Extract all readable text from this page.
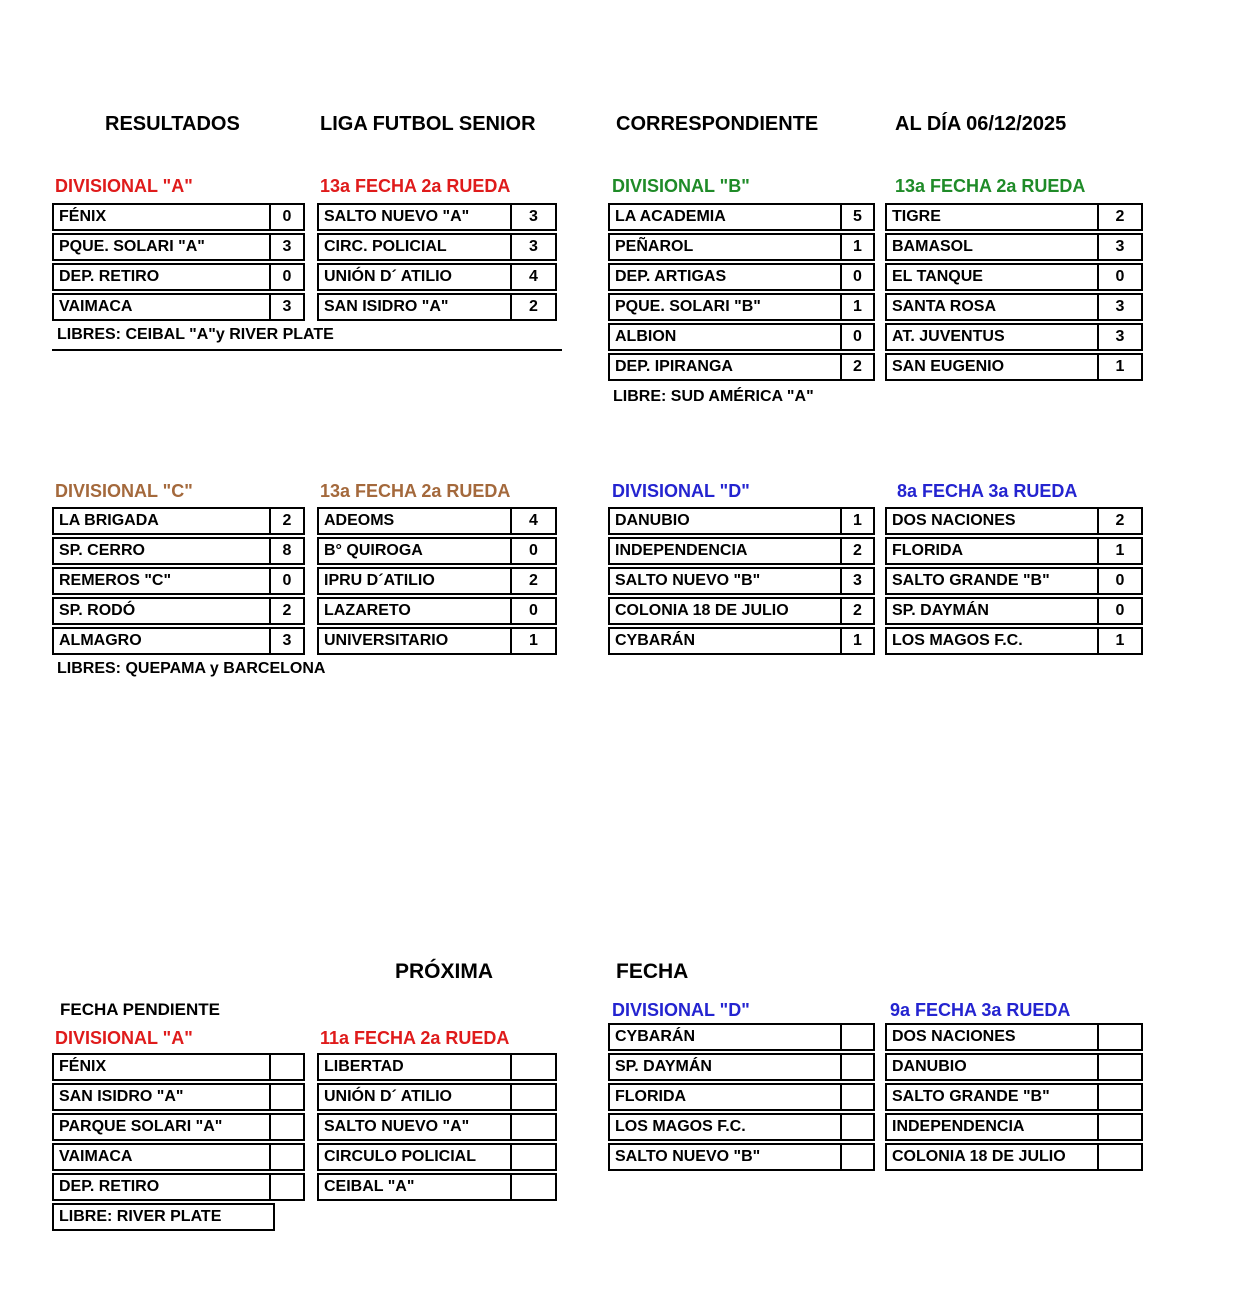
RESULTADOS	LIGA FUTBOL SENIOR	CORRESPONDIENTE	AL DÍA 06/12/2025
DIVISIONAL "A"	13a FECHA 2a RUEDA
FÉNIX	0	SALTO NUEVO "A"	3
PQUE. SOLARI "A"	3	CIRC. POLICIAL	3
DEP. RETIRO	0	UNIÓN D´ ATILIO	4
VAIMACA	3	SAN ISIDRO "A"	2
LIBRES: CEIBAL "A"y RIVER PLATE
DIVISIONAL "B"	13a FECHA 2a RUEDA
LA ACADEMIA	5	TIGRE	2
PEÑAROL	1	BAMASOL	3
DEP. ARTIGAS	0	EL TANQUE	0
PQUE. SOLARI "B"	1	SANTA ROSA	3
ALBION	0	AT. JUVENTUS	3
DEP. IPIRANGA	2	SAN EUGENIO	1
LIBRE: SUD AMÉRICA "A"
DIVISIONAL "C"	13a FECHA 2a RUEDA
LA BRIGADA	2	ADEOMS	4
SP. CERRO	8	B° QUIROGA	0
REMEROS "C"	0	IPRU D´ATILIO	2
SP. RODÓ	2	LAZARETO	0
ALMAGRO	3	UNIVERSITARIO	1
LIBRES: QUEPAMA y BARCELONA
DIVISIONAL "D"	8a FECHA 3a RUEDA
DANUBIO	1	DOS NACIONES	2
INDEPENDENCIA	2	FLORIDA	1
SALTO NUEVO "B"	3	SALTO GRANDE "B"	0
COLONIA 18 DE JULIO	2	SP. DAYMÁN	0
CYBARÁN	1	LOS MAGOS F.C.	1
PRÓXIMA	FECHA
FECHA PENDIENTE
DIVISIONAL "A"	11a FECHA 2a RUEDA
FÉNIX	LIBERTAD
SAN ISIDRO "A"	UNIÓN D´ ATILIO
PARQUE SOLARI "A"	SALTO NUEVO "A"
VAIMACA	CIRCULO POLICIAL
DEP. RETIRO	CEIBAL "A"
LIBRE: RIVER PLATE
DIVISIONAL "D"	9a FECHA 3a RUEDA
CYBARÁN	DOS NACIONES
SP. DAYMÁN	DANUBIO
FLORIDA	SALTO GRANDE "B"
LOS MAGOS F.C.	INDEPENDENCIA
SALTO NUEVO "B"	COLONIA 18 DE JULIO
